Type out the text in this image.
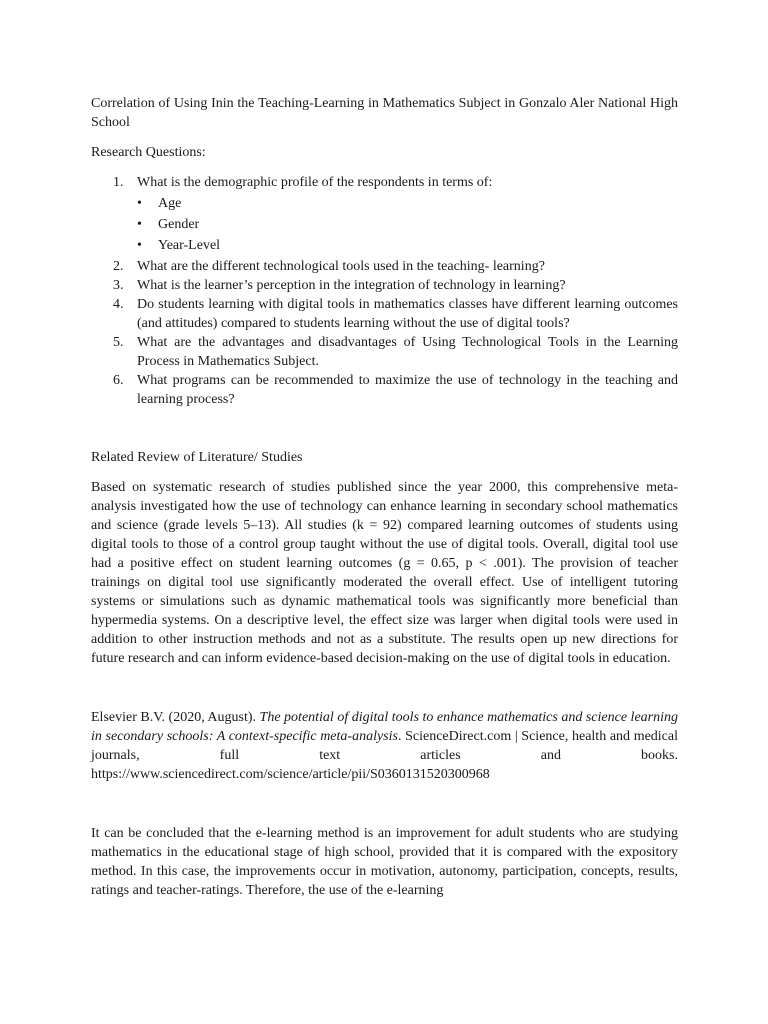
Correlation of Using Inin the Teaching-Learning in Mathematics Subject in Gonzalo Aler National High School

Research Questions:

1. What is the demographic profile of the respondents in terms of:
• Age
• Gender
• Year-Level
2. What are the different technological tools used in the teaching- learning?
3. What is the learner’s perception in the integration of technology in learning?
4. Do students learning with digital tools in mathematics classes have different learning outcomes (and attitudes) compared to students learning without the use of digital tools?
5. What are the advantages and disadvantages of Using Technological Tools in the Learning Process in Mathematics Subject.
6. What programs can be recommended to maximize the use of technology in the teaching and learning process?

Related Review of Literature/ Studies

Based on systematic research of studies published since the year 2000, this comprehensive meta-analysis investigated how the use of technology can enhance learning in secondary school mathematics and science (grade levels 5–13). All studies (k = 92) compared learning outcomes of students using digital tools to those of a control group taught without the use of digital tools. Overall, digital tool use had a positive effect on student learning outcomes (g = 0.65, p < .001). The provision of teacher trainings on digital tool use significantly moderated the overall effect. Use of intelligent tutoring systems or simulations such as dynamic mathematical tools was significantly more beneficial than hypermedia systems. On a descriptive level, the effect size was larger when digital tools were used in addition to other instruction methods and not as a substitute. The results open up new directions for future research and can inform evidence-based decision-making on the use of digital tools in education.

Elsevier B.V. (2020, August). The potential of digital tools to enhance mathematics and science learning in secondary schools: A context-specific meta-analysis. ScienceDirect.com | Science, health and medical journals, full text articles and books. https://www.sciencedirect.com/science/article/pii/S0360131520300968

It can be concluded that the e-learning method is an improvement for adult students who are studying mathematics in the educational stage of high school, provided that it is compared with the expository method. In this case, the improvements occur in motivation, autonomy, participation, concepts, results, ratings and teacher-ratings. Therefore, the use of the e-learning
